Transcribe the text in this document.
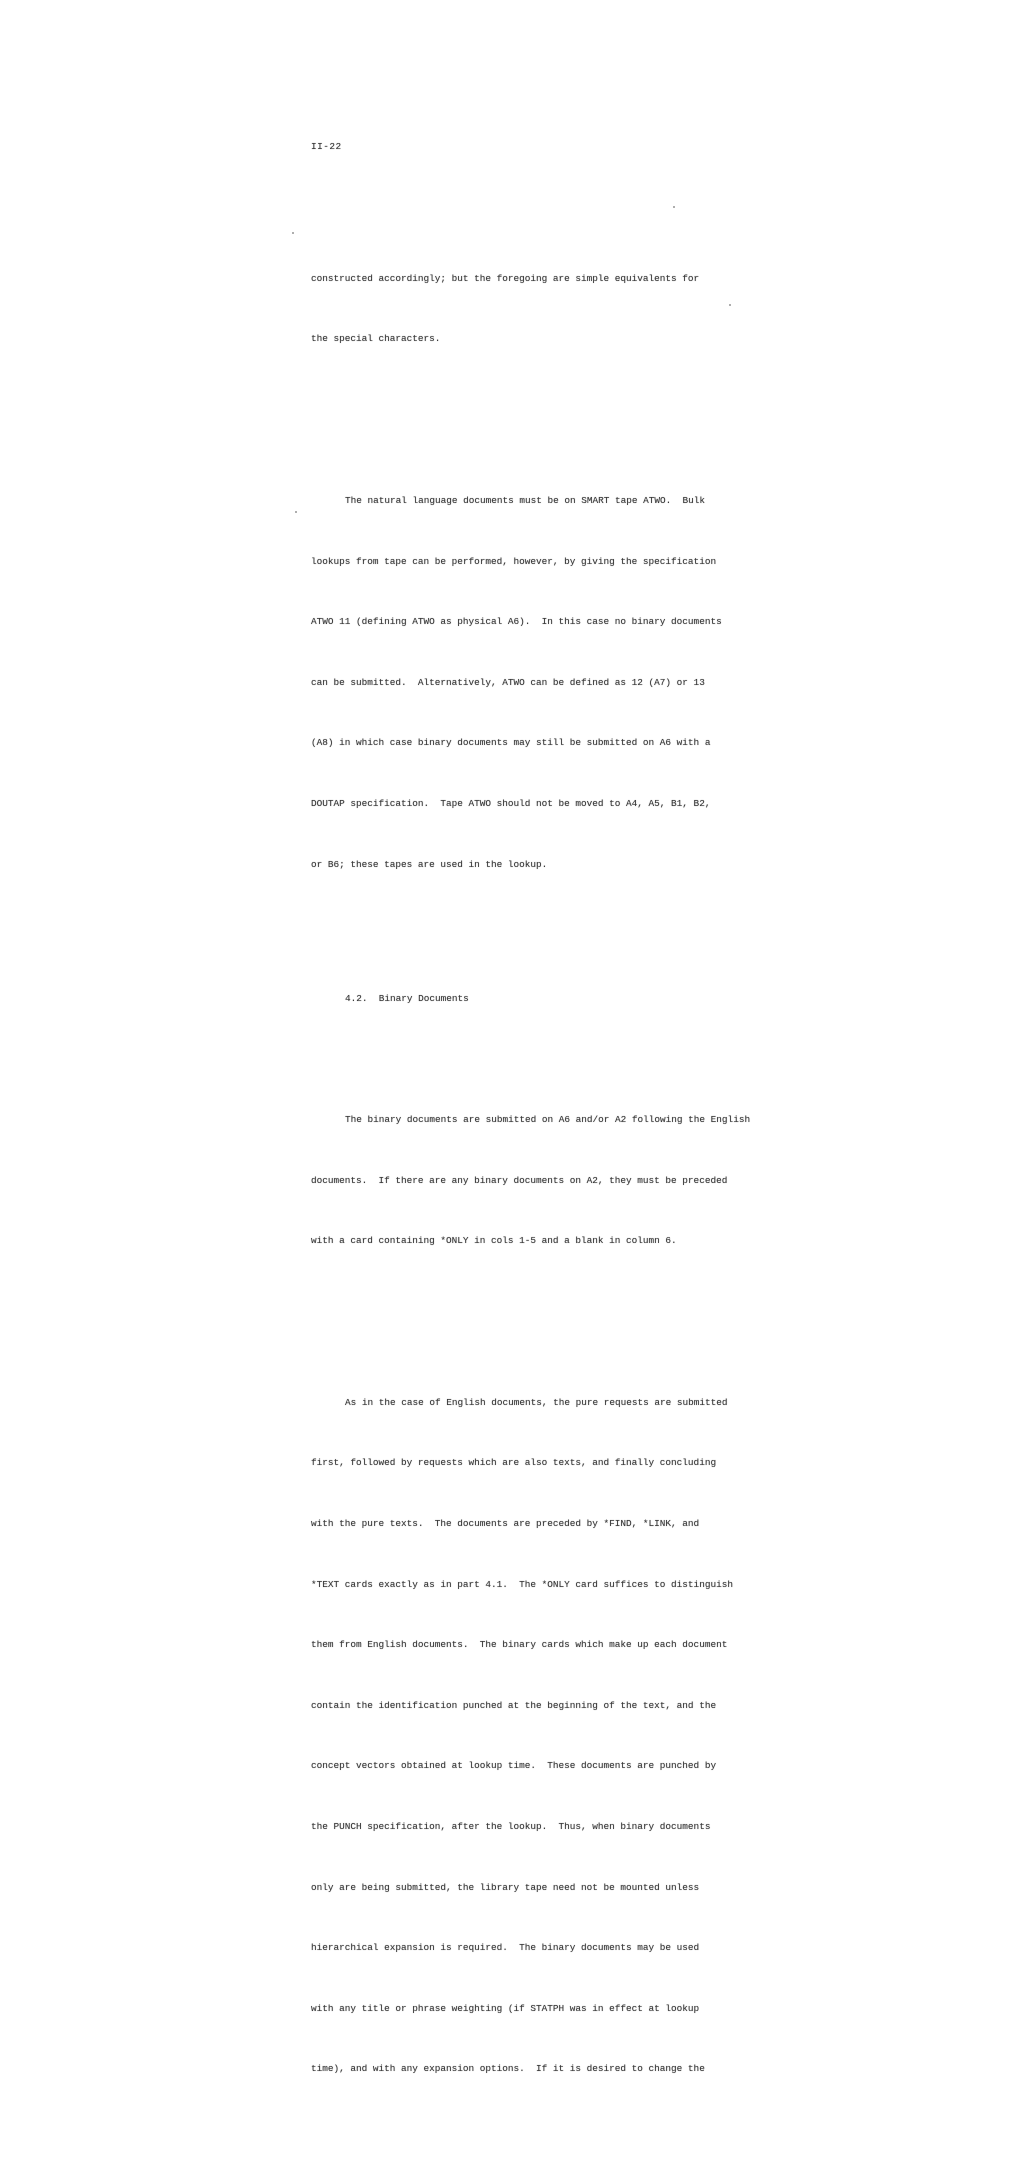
II-22

constructed accordingly; but the foregoing are simple equivalents for

the special characters.

The natural language documents must be on SMART tape ATWO.  Bulk

lookups from tape can be performed, however, by giving the specification

ATWO 11 (defining ATWO as physical A6).  In this case no binary documents

can be submitted.  Alternatively, ATWO can be defined as 12 (A7) or 13

(A8) in which case binary documents may still be submitted on A6 with a

DOUTAP specification.  Tape ATWO should not be moved to A4, A5, B1, B2,

or B6; these tapes are used in the lookup.

4.2.  Binary Documents

The binary documents are submitted on A6 and/or A2 following the English

documents.  If there are any binary documents on A2, they must be preceded

with a card containing *ONLY in cols 1-5 and a blank in column 6.

As in the case of English documents, the pure requests are submitted

first, followed by requests which are also texts, and finally concluding

with the pure texts.  The documents are preceded by *FIND, *LINK, and

*TEXT cards exactly as in part 4.1.  The *ONLY card suffices to distinguish

them from English documents.  The binary cards which make up each document

contain the identification punched at the beginning of the text, and the

concept vectors obtained at lookup time.  These documents are punched by

the PUNCH specification, after the lookup.  Thus, when binary documents

only are being submitted, the library tape need not be mounted unless

hierarchical expansion is required.  The binary documents may be used

with any title or phrase weighting (if STATPH was in effect at lookup

time), and with any expansion options.  If it is desired to change the
